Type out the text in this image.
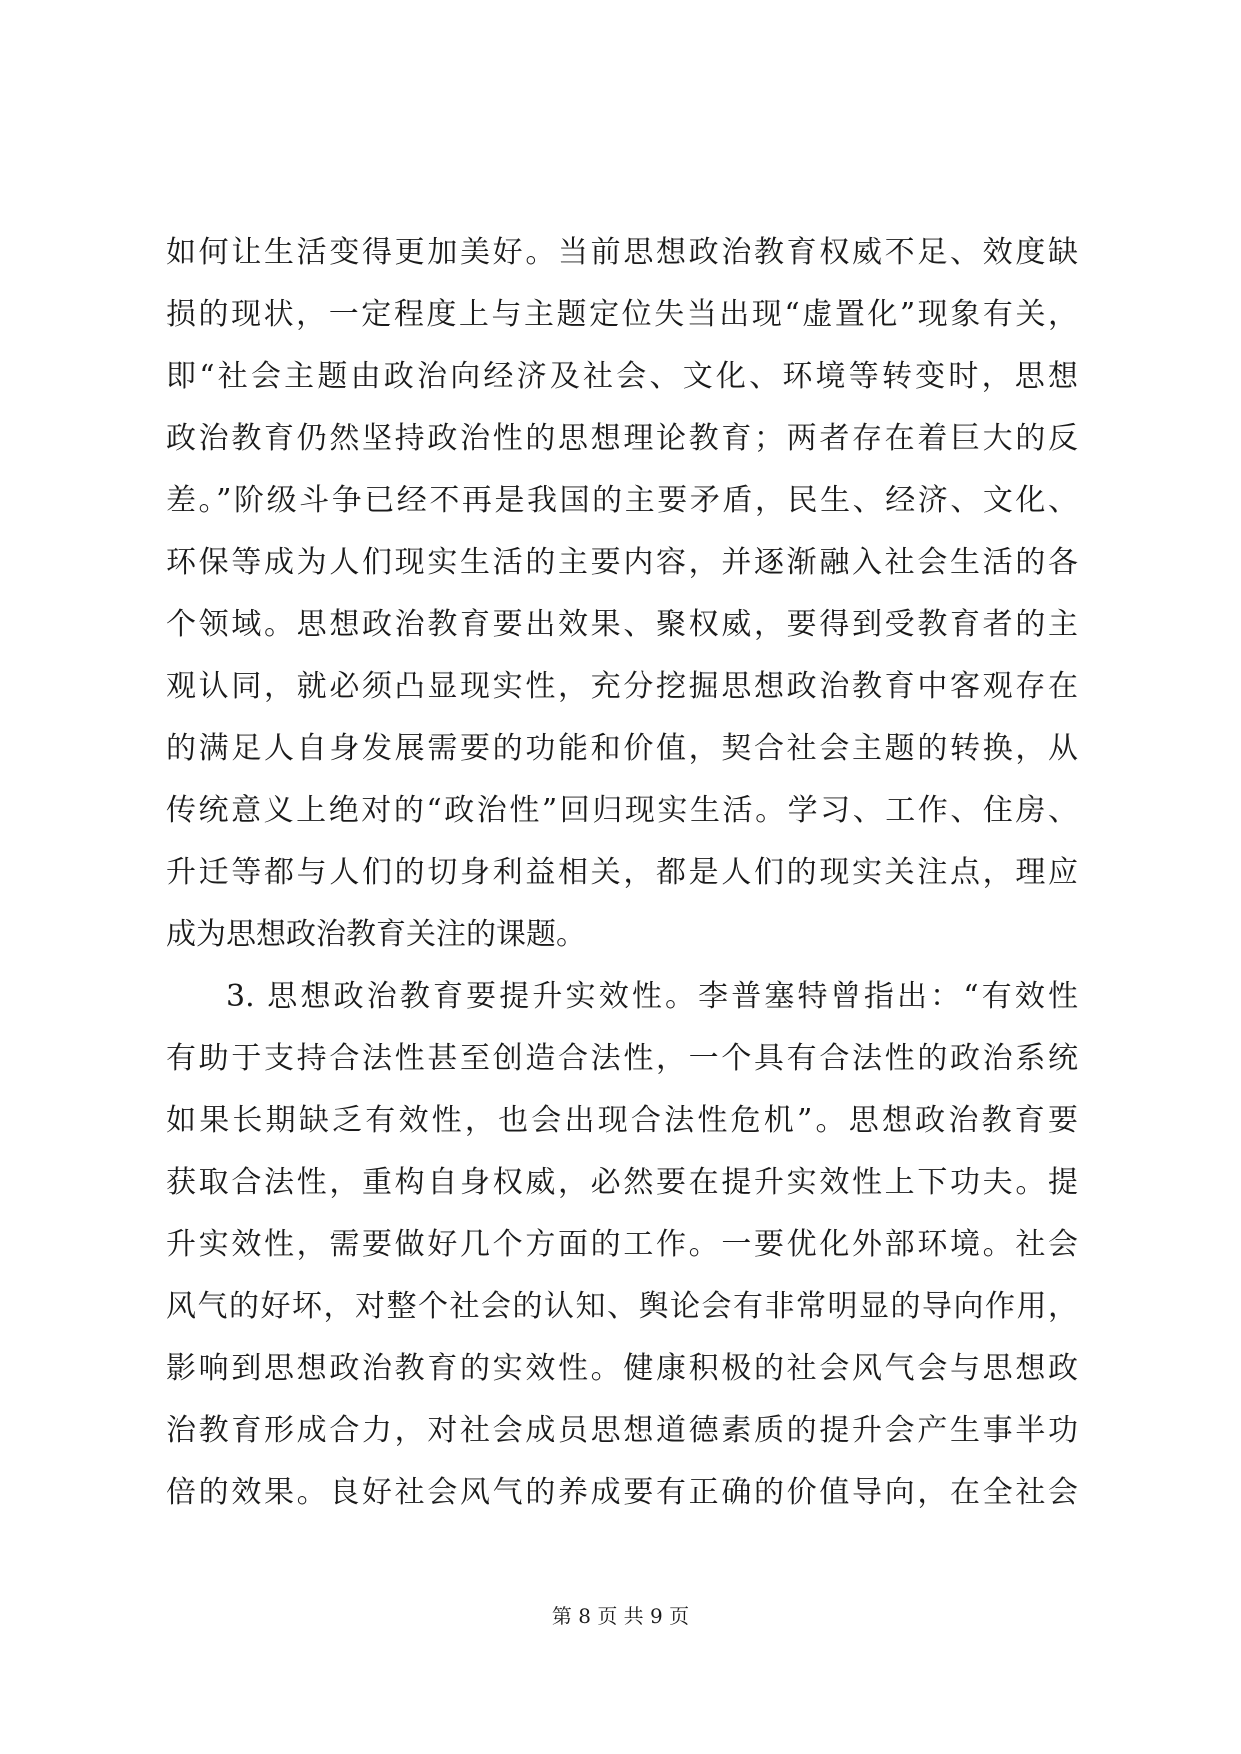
如何让生活变得更加美好。当前思想政治教育权威不足、效度缺
损的现状，一定程度上与主题定位失当出现“虚置化”现象有关，
即“社会主题由政治向经济及社会、文化、环境等转变时，思想
政治教育仍然坚持政治性的思想理论教育；两者存在着巨大的反
差。”阶级斗争已经不再是我国的主要矛盾，民生、经济、文化、
环保等成为人们现实生活的主要内容，并逐渐融入社会生活的各
个领域。思想政治教育要出效果、聚权威，要得到受教育者的主
观认同，就必须凸显现实性，充分挖掘思想政治教育中客观存在
的满足人自身发展需要的功能和价值，契合社会主题的转换，从
传统意义上绝对的“政治性”回归现实生活。学习、工作、住房、
升迁等都与人们的切身利益相关，都是人们的现实关注点，理应
成为思想政治教育关注的课题。
3. 思想政治教育要提升实效性。李普塞特曾指出：“有效性
有助于支持合法性甚至创造合法性，一个具有合法性的政治系统
如果长期缺乏有效性，也会出现合法性危机”。思想政治教育要
获取合法性，重构自身权威，必然要在提升实效性上下功夫。提
升实效性，需要做好几个方面的工作。一要优化外部环境。社会
风气的好坏，对整个社会的认知、舆论会有非常明显的导向作用，
影响到思想政治教育的实效性。健康积极的社会风气会与思想政
治教育形成合力，对社会成员思想道德素质的提升会产生事半功
倍的效果。良好社会风气的养成要有正确的价值导向，在全社会
第 8 页 共 9 页
